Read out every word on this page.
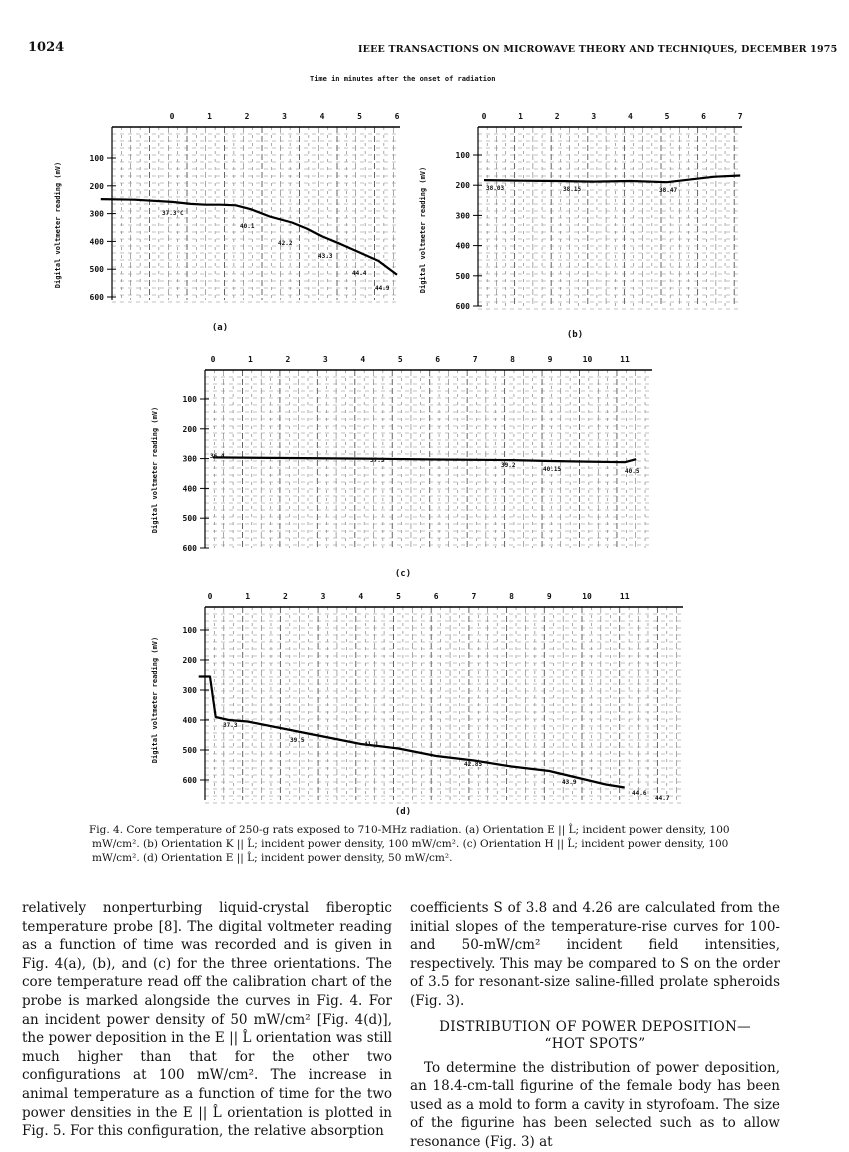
1024	IEEE TRANSACTIONS ON MICROWAVE THEORY AND TECHNIQUES, DECEMBER 1975
Time in minutes after the onset of radiation
0	1	2	3	4	5	6
100
200
300
400
500
600
Digital voltmeter reading (mV)	37.3°C
40.1
42.2
43.3
44.4
44.9
(a)
0	1	2	3	4	5	6	7
100
200
300
400
500
600
Digital voltmeter reading (mV)	38.03	38.15	38.47
(b)
0	1	2	3	4	5	6	7	8	9	10	11
100
200
300
400
500
600
Digital voltmeter reading (mV)	36.4
37.3
39.2
40.15	40.5
(c)
0	1	2	3	4	5	6	7	8	9	10	11
100
200
300
400
500
600
Digital voltmeter reading (mV)	37.3
39.5
41.1
42.85
43.9
44.6
44.7
(d)
Fig. 4. Core temperature of 250-g rats exposed to 710-MHz radiation. (a) Orientation E || L̂; incident power density, 100 mW/cm². (b) Orientation K || L̂; incident power density, 100 mW/cm². (c) Orientation H || L̂; incident power density, 100 mW/cm². (d) Orientation E || L̂; incident power density, 50 mW/cm².
relatively nonperturbing liquid-crystal fiberoptic temperature probe [8]. The digital voltmeter reading as a function of time was recorded and is given in Fig. 4(a), (b), and (c) for the three orientations. The core temperature read off the calibration chart of the probe is marked alongside the curves in Fig. 4. For an incident power density of 50 mW/cm² [Fig. 4(d)], the power deposition in the E || L̂ orientation was still much higher than that for the other two configurations at 100 mW/cm². The increase in animal temperature as a function of time for the two power densities in the E || L̂ orientation is plotted in Fig. 5. For this configuration, the relative absorption
coefficients S of 3.8 and 4.26 are calculated from the initial slopes of the temperature-rise curves for 100- and 50-mW/cm² incident field intensities, respectively. This may be compared to S on the order of 3.5 for resonant-size saline-filled prolate spheroids (Fig. 3).
DISTRIBUTION OF POWER DEPOSITION—
“HOT SPOTS”
To determine the distribution of power deposition, an 18.4-cm-tall figurine of the female body has been used as a mold to form a cavity in styrofoam. The size of the figurine has been selected such as to allow resonance (Fig. 3) at
